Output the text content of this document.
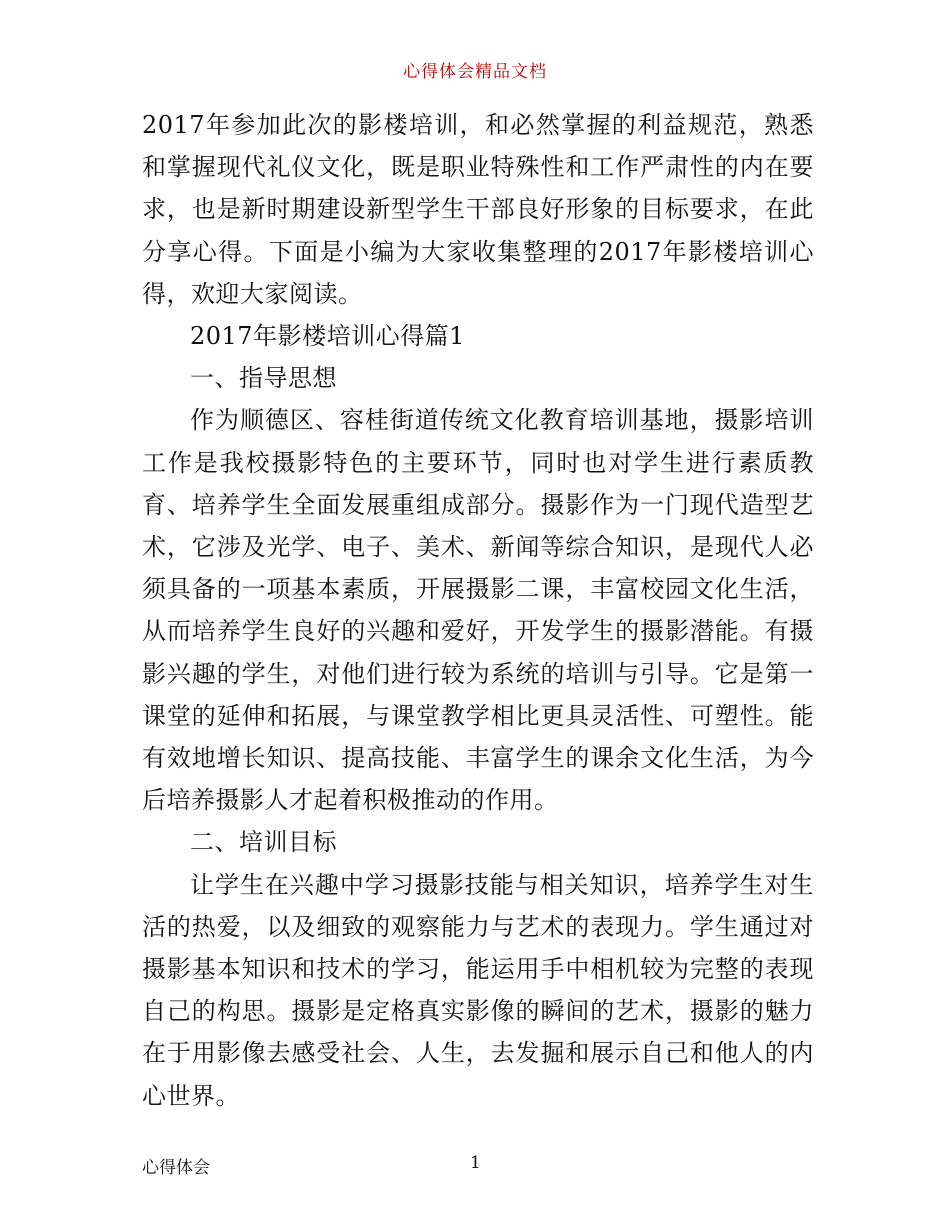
心得体会精品文档

2017年参加此次的影楼培训，和必然掌握的利益规范，熟悉和掌握现代礼仪文化，既是职业特殊性和工作严肃性的内在要求，也是新时期建设新型学生干部良好形象的目标要求，在此分享心得。下面是小编为大家收集整理的2017年影楼培训心得，欢迎大家阅读。

2017年影楼培训心得篇1

一、指导思想

作为顺德区、容桂街道传统文化教育培训基地，摄影培训工作是我校摄影特色的主要环节，同时也对学生进行素质教育、培养学生全面发展重组成部分。摄影作为一门现代造型艺术，它涉及光学、电子、美术、新闻等综合知识，是现代人必须具备的一项基本素质，开展摄影二课，丰富校园文化生活，从而培养学生良好的兴趣和爱好，开发学生的摄影潜能。有摄影兴趣的学生，对他们进行较为系统的培训与引导。它是第一课堂的延伸和拓展，与课堂教学相比更具灵活性、可塑性。能有效地增长知识、提高技能、丰富学生的课余文化生活，为今后培养摄影人才起着积极推动的作用。

二、培训目标

让学生在兴趣中学习摄影技能与相关知识，培养学生对生活的热爱，以及细致的观察能力与艺术的表现力。学生通过对摄影基本知识和技术的学习，能运用手中相机较为完整的表现自己的构思。摄影是定格真实影像的瞬间的艺术，摄影的魅力在于用影像去感受社会、人生，去发掘和展示自己和他人的内心世界。

心得体会	1
